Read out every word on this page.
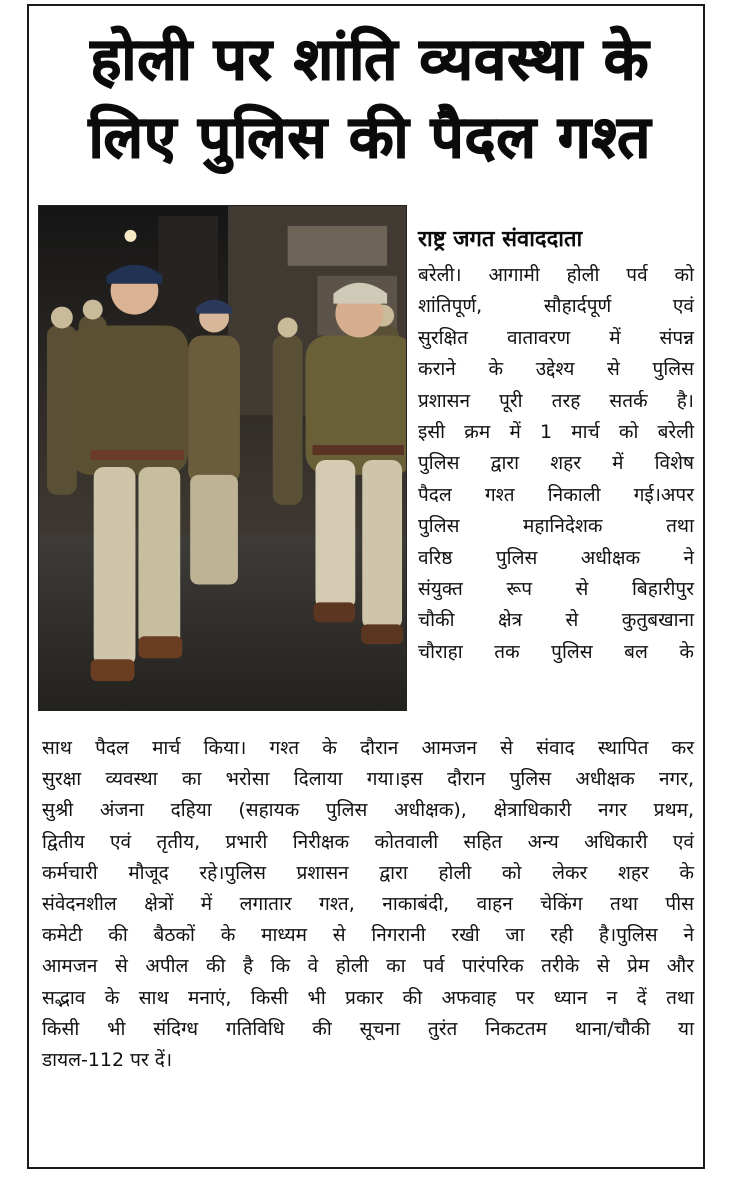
होली पर शांति व्यवस्था के
लिए पुलिस की पैदल गश्त
राष्ट्र जगत संवाददाता
बरेली। आगामी होली पर्व को
शांतिपूर्ण, सौहार्दपूर्ण एवं
सुरक्षित वातावरण में संपन्न
कराने के उद्देश्य से पुलिस
प्रशासन पूरी तरह सतर्क है।
इसी क्रम में 1 मार्च को बरेली
पुलिस द्वारा शहर में विशेष
पैदल गश्त निकाली गई।अपर
पुलिस महानिदेशक तथा
वरिष्ठ पुलिस अधीक्षक ने
संयुक्त रूप से बिहारीपुर
चौकी क्षेत्र से कुतुबखाना
चौराहा तक पुलिस बल के
साथ पैदल मार्च किया। गश्त के दौरान आमजन से संवाद स्थापित कर
सुरक्षा व्यवस्था का भरोसा दिलाया गया।इस दौरान पुलिस अधीक्षक नगर,
सुश्री अंजना दहिया (सहायक पुलिस अधीक्षक), क्षेत्राधिकारी नगर प्रथम,
द्वितीय एवं तृतीय, प्रभारी निरीक्षक कोतवाली सहित अन्य अधिकारी एवं
कर्मचारी मौजूद रहे।पुलिस प्रशासन द्वारा होली को लेकर शहर के
संवेदनशील क्षेत्रों में लगातार गश्त, नाकाबंदी, वाहन चेकिंग तथा पीस
कमेटी की बैठकों के माध्यम से निगरानी रखी जा रही है।पुलिस ने
आमजन से अपील की है कि वे होली का पर्व पारंपरिक तरीके से प्रेम और
सद्भाव के साथ मनाएं, किसी भी प्रकार की अफवाह पर ध्यान न दें तथा
किसी भी संदिग्ध गतिविधि की सूचना तुरंत निकटतम थाना/चौकी या
डायल-112 पर दें।
